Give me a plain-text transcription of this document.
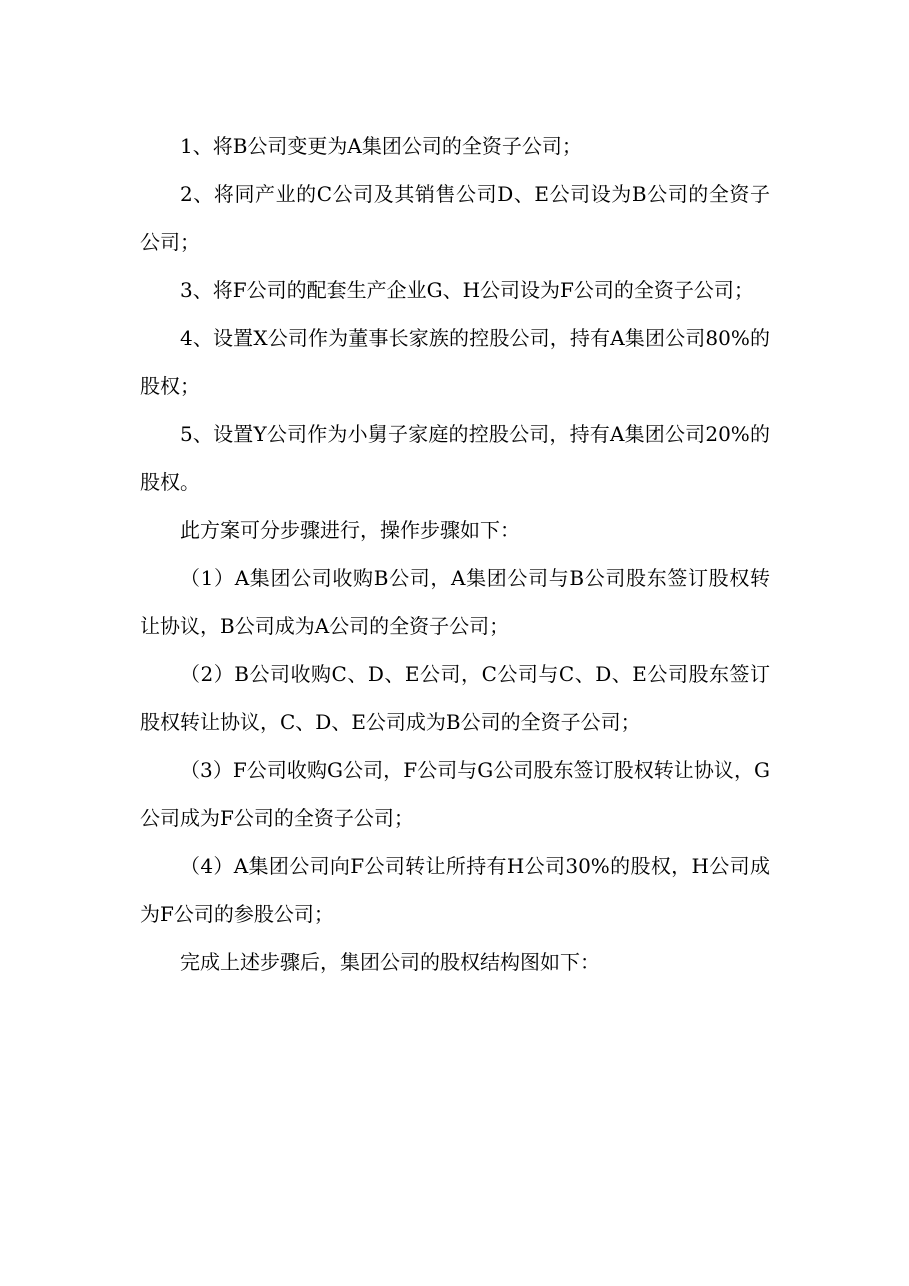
1、将B公司变更为A集团公司的全资子公司；

2、将同产业的C公司及其销售公司D、E公司设为B公司的全资子公司；

3、将F公司的配套生产企业G、H公司设为F公司的全资子公司；

4、设置X公司作为董事长家族的控股公司，持有A集团公司80%的股权；

5、设置Y公司作为小舅子家庭的控股公司，持有A集团公司20%的股权。

此方案可分步骤进行，操作步骤如下：

（1）A集团公司收购B公司，A集团公司与B公司股东签订股权转让协议，B公司成为A公司的全资子公司；

（2）B公司收购C、D、E公司，C公司与C、D、E公司股东签订股权转让协议，C、D、E公司成为B公司的全资子公司；

（3）F公司收购G公司，F公司与G公司股东签订股权转让协议，G公司成为F公司的全资子公司；

（4）A集团公司向F公司转让所持有H公司30%的股权，H公司成为F公司的参股公司；

完成上述步骤后，集团公司的股权结构图如下：
